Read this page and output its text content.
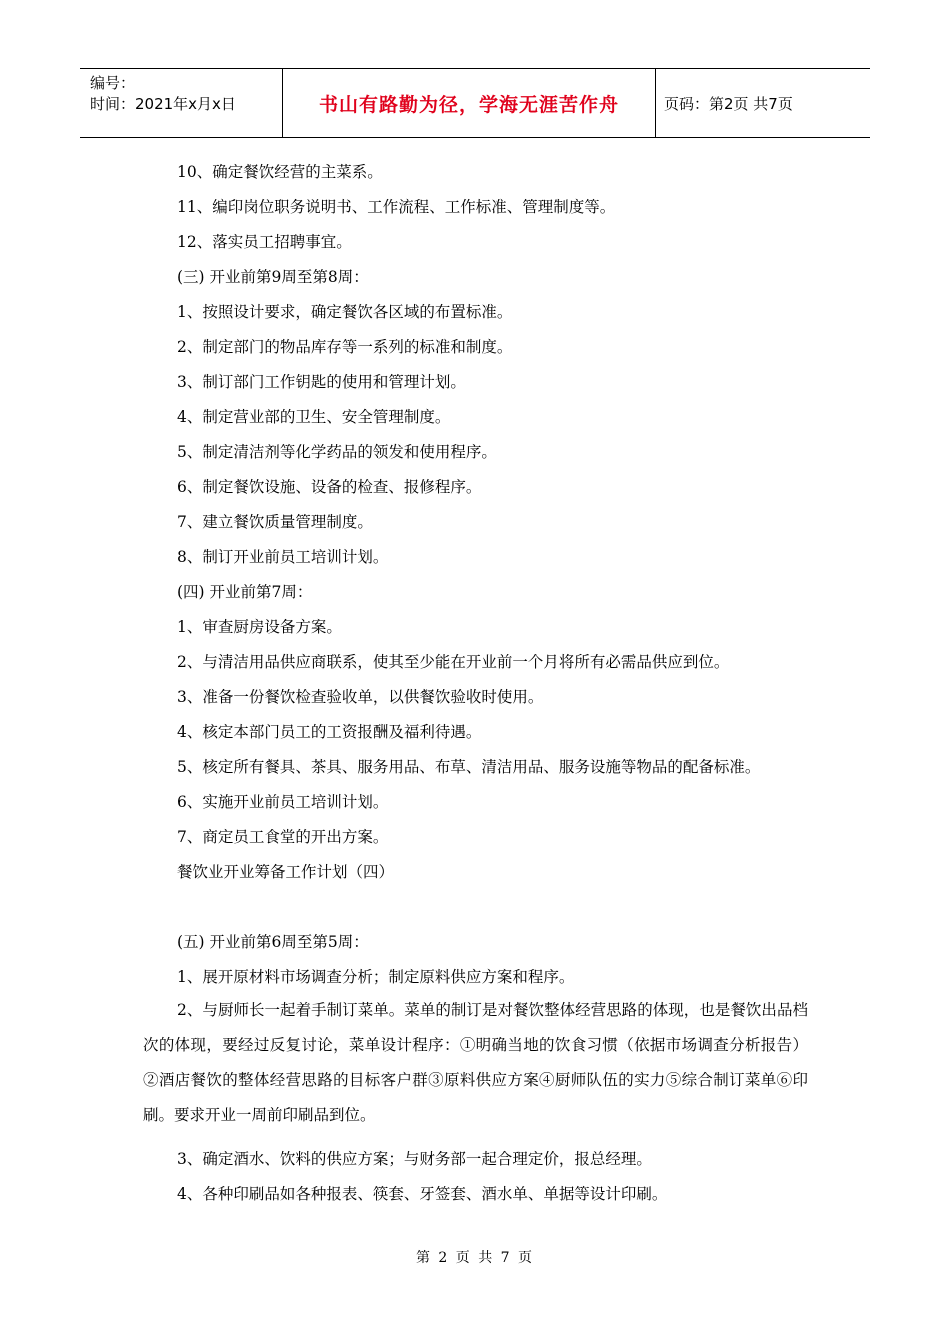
编号：
时间：2021年x月x日	书山有路勤为径，学海无涯苦作舟	页码：第2页 共7页
10、确定餐饮经营的主菜系。
11、编印岗位职务说明书、工作流程、工作标准、管理制度等。
12、落实员工招聘事宜。
(三) 开业前第9周至第8周：
1、按照设计要求，确定餐饮各区域的布置标准。
2、制定部门的物品库存等一系列的标准和制度。
3、制订部门工作钥匙的使用和管理计划。
4、制定营业部的卫生、安全管理制度。
5、制定清洁剂等化学药品的领发和使用程序。
6、制定餐饮设施、设备的检查、报修程序。
7、建立餐饮质量管理制度。
8、制订开业前员工培训计划。
(四) 开业前第7周：
1、审查厨房设备方案。
2、与清洁用品供应商联系，使其至少能在开业前一个月将所有必需品供应到位。
3、准备一份餐饮检查验收单，以供餐饮验收时使用。
4、核定本部门员工的工资报酬及福利待遇。
5、核定所有餐具、茶具、服务用品、布草、清洁用品、服务设施等物品的配备标准。
6、实施开业前员工培训计划。
7、商定员工食堂的开出方案。
餐饮业开业筹备工作计划（四）
(五) 开业前第6周至第5周：
1、展开原材料市场调查分析；制定原料供应方案和程序。
2、与厨师长一起着手制订菜单。菜单的制订是对餐饮整体经营思路的体现，也是餐饮出品档次的体现，要经过反复讨论，菜单设计程序：①明确当地的饮食习惯（依据市场调查分析报告）②酒店餐饮的整体经营思路的目标客户群③原料供应方案④厨师队伍的实力⑤综合制订菜单⑥印刷。要求开业一周前印刷品到位。
3、确定酒水、饮料的供应方案；与财务部一起合理定价，报总经理。
4、各种印刷品如各种报表、筷套、牙签套、酒水单、单据等设计印刷。
第 2 页 共 7 页
